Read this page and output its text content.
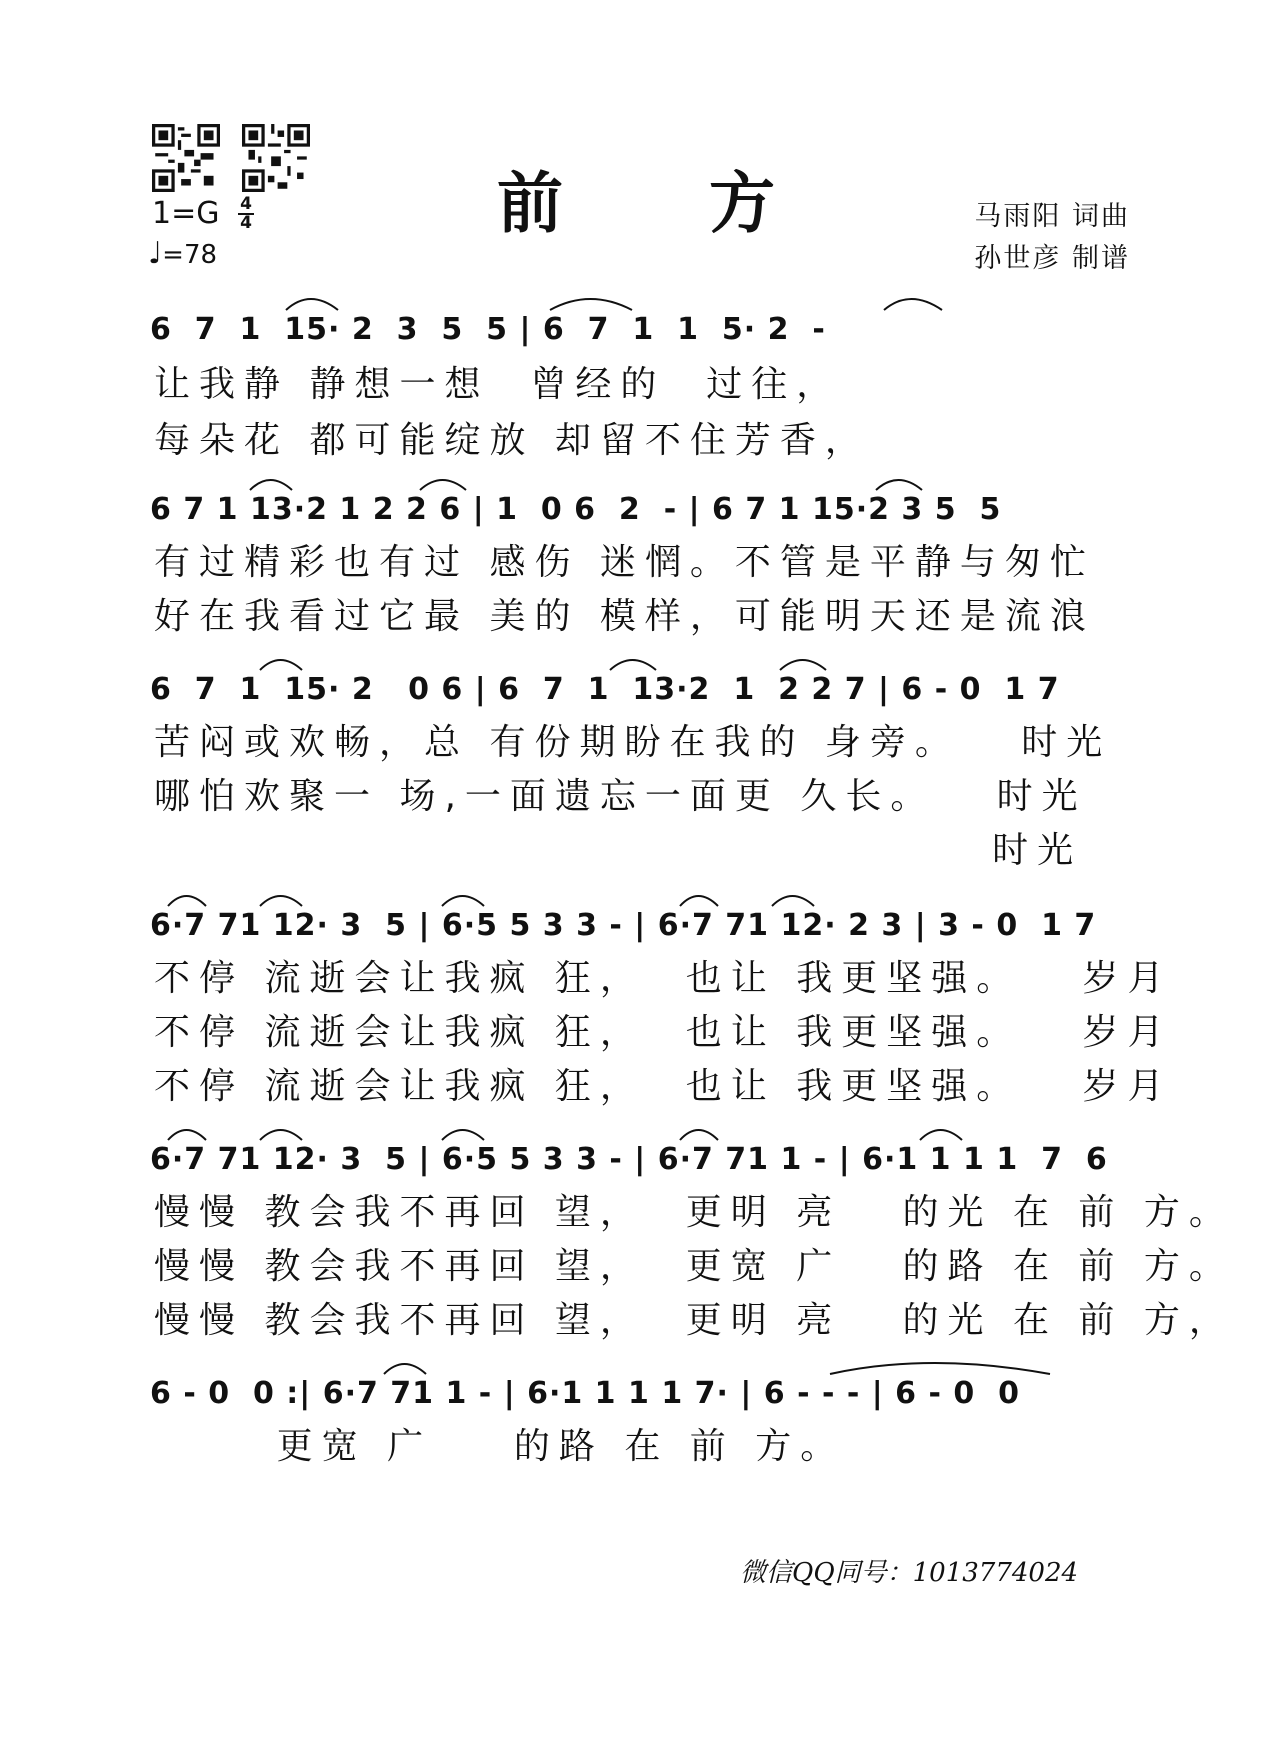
前　方
1=G 4
4
♩=78
马雨阳 词曲
孙世彦 制谱
6  7  1  15· 2  3  5  5 | 6  7  1  1  5· 2  -
让我静 静想一想  曾经的  过往，
每朵花 都可能绽放 却留不住芳香，
6 7 1 13·2 1 2 2 6 | 1  0 6  2  - | 6 7 1 15·2 3 5  5
有过精彩也有过 感伤 迷惘。不管是平静与匆忙
好在我看过它最 美的 模样，可能明天还是流浪
6  7  1  15· 2   0 6 | 6  7  1  13·2  1  2 2 7 | 6 - 0  1 7
苦闷或欢畅，总 有份期盼在我的 身旁。   时光
哪怕欢聚一 场,一面遗忘一面更 久长。   时光
时光
6·7 71 12· 3  5 | 6·5 5 3 3 - | 6·7 71 12· 2 3 | 3 - 0  1 7
不停 流逝会让我疯 狂，  也让 我更坚强。   岁月
不停 流逝会让我疯 狂，  也让 我更坚强。   岁月
不停 流逝会让我疯 狂，  也让 我更坚强。   岁月
6·7 71 12· 3  5 | 6·5 5 3 3 - | 6·7 71 1 - | 6·1 1 1 1  7  6
慢慢 教会我不再回 望，  更明 亮   的光 在 前 方。
慢慢 教会我不再回 望，  更宽 广   的路 在 前 方。
慢慢 教会我不再回 望，  更明 亮   的光 在 前 方，
6 - 0  0 :| 6·7 71 1 - | 6·1 1 1 1 7· | 6 - - - | 6 - 0  0
更宽 广    的路 在 前 方。
微信QQ同号：1013774024
